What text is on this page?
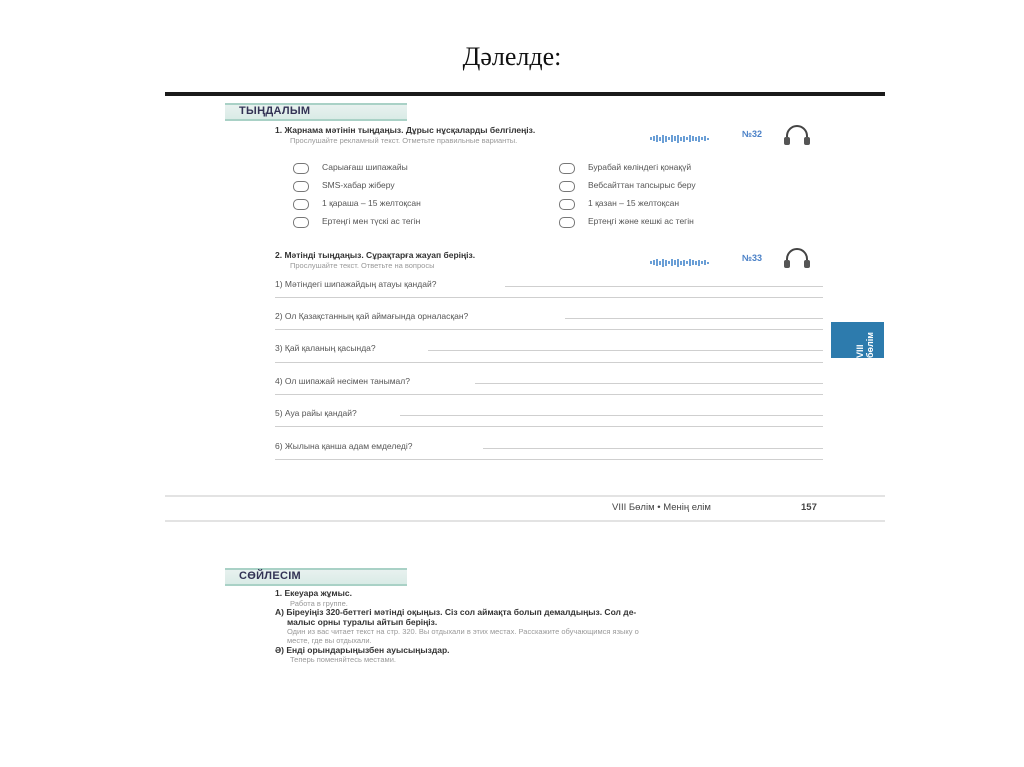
Дәлелде:
ТЫҢДАЛЫМ
1. Жарнама мәтінін тыңдаңыз. Дұрыс нұсқаларды белгілеңіз.
Прослушайте рекламный текст. Отметьте правильные варианты.
№32
Сарыағаш шипажайы
SMS-хабар жіберу
1 қараша – 15 желтоқсан
Ертеңгі мен түскі ас тегін
Бурабай көліндегі қонақүй
Вебсайттан тапсырыс беру
1 қазан – 15 желтоқсан
Ертеңгі және кешкі ас тегін
2. Мәтінді тыңдаңыз. Сұрақтарға жауап беріңіз.
Прослушайте текст. Ответьте на вопросы
№33
1) Мәтіндегі шипажайдың атауы қандай?
2) Ол Қазақстанның қай аймағында орналасқан?
3) Қай қаланың қасында?
4) Ол шипажай несімен танымал?
5) Ауа райы қандай?
6) Жылына қанша адам емделеді?
VIII бөлім
VIII Бөлім • Менің елім	157
СӨЙЛЕСІМ
1. Екеуара жұмыс.
Работа в группе.
А) Біреуіңіз 320-беттегі мәтінді оқыңыз. Сіз сол аймақта болып демалдыңыз. Сол де-
малыс орны туралы айтып беріңіз.
Один из вас читает текст на стр. 320. Вы отдыхали в этих местах. Расскажите обучающимся языку о
месте, где вы отдыхали.
Ә) Енді орындарыңызбен ауысыңыздар.
Теперь поменяйтесь местами.
